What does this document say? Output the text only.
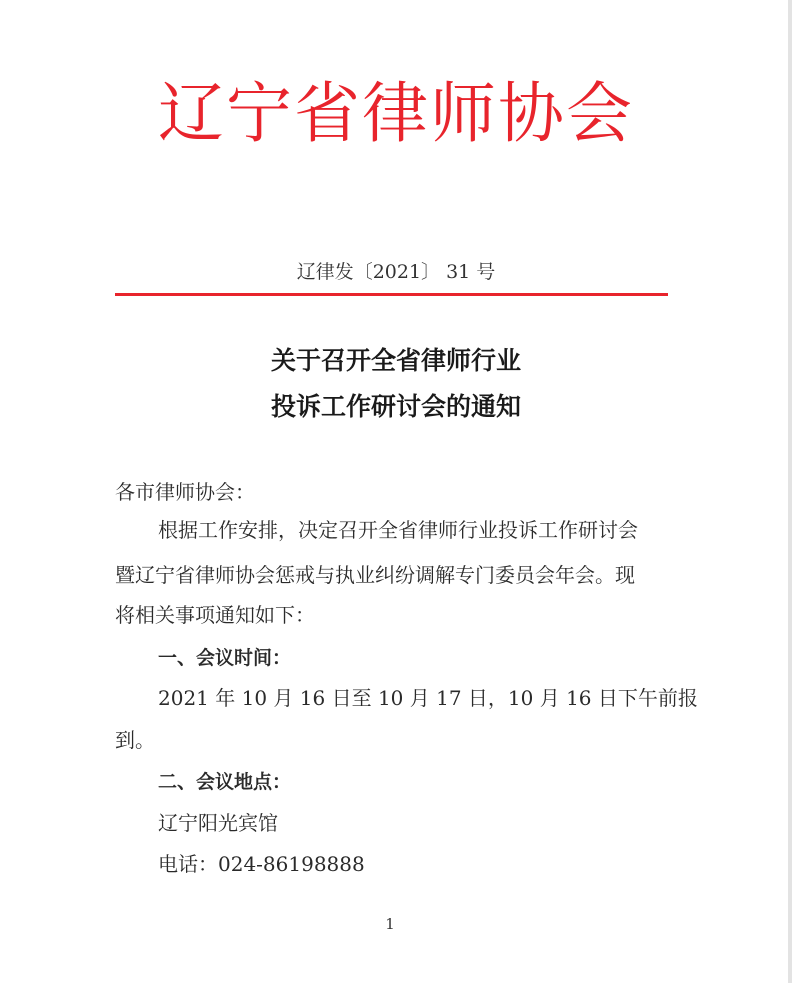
辽宁省律师协会
辽律发〔2021〕 31 号
关于召开全省律师行业
投诉工作研讨会的通知
各市律师协会：
根据工作安排，决定召开全省律师行业投诉工作研讨会
暨辽宁省律师协会惩戒与执业纠纷调解专门委员会年会。现
将相关事项通知如下：
一、会议时间：
2021 年 10 月 16 日至 10 月 17 日，10 月 16 日下午前报
到。
二、会议地点：
辽宁阳光宾馆
电话：024-86198888
1
